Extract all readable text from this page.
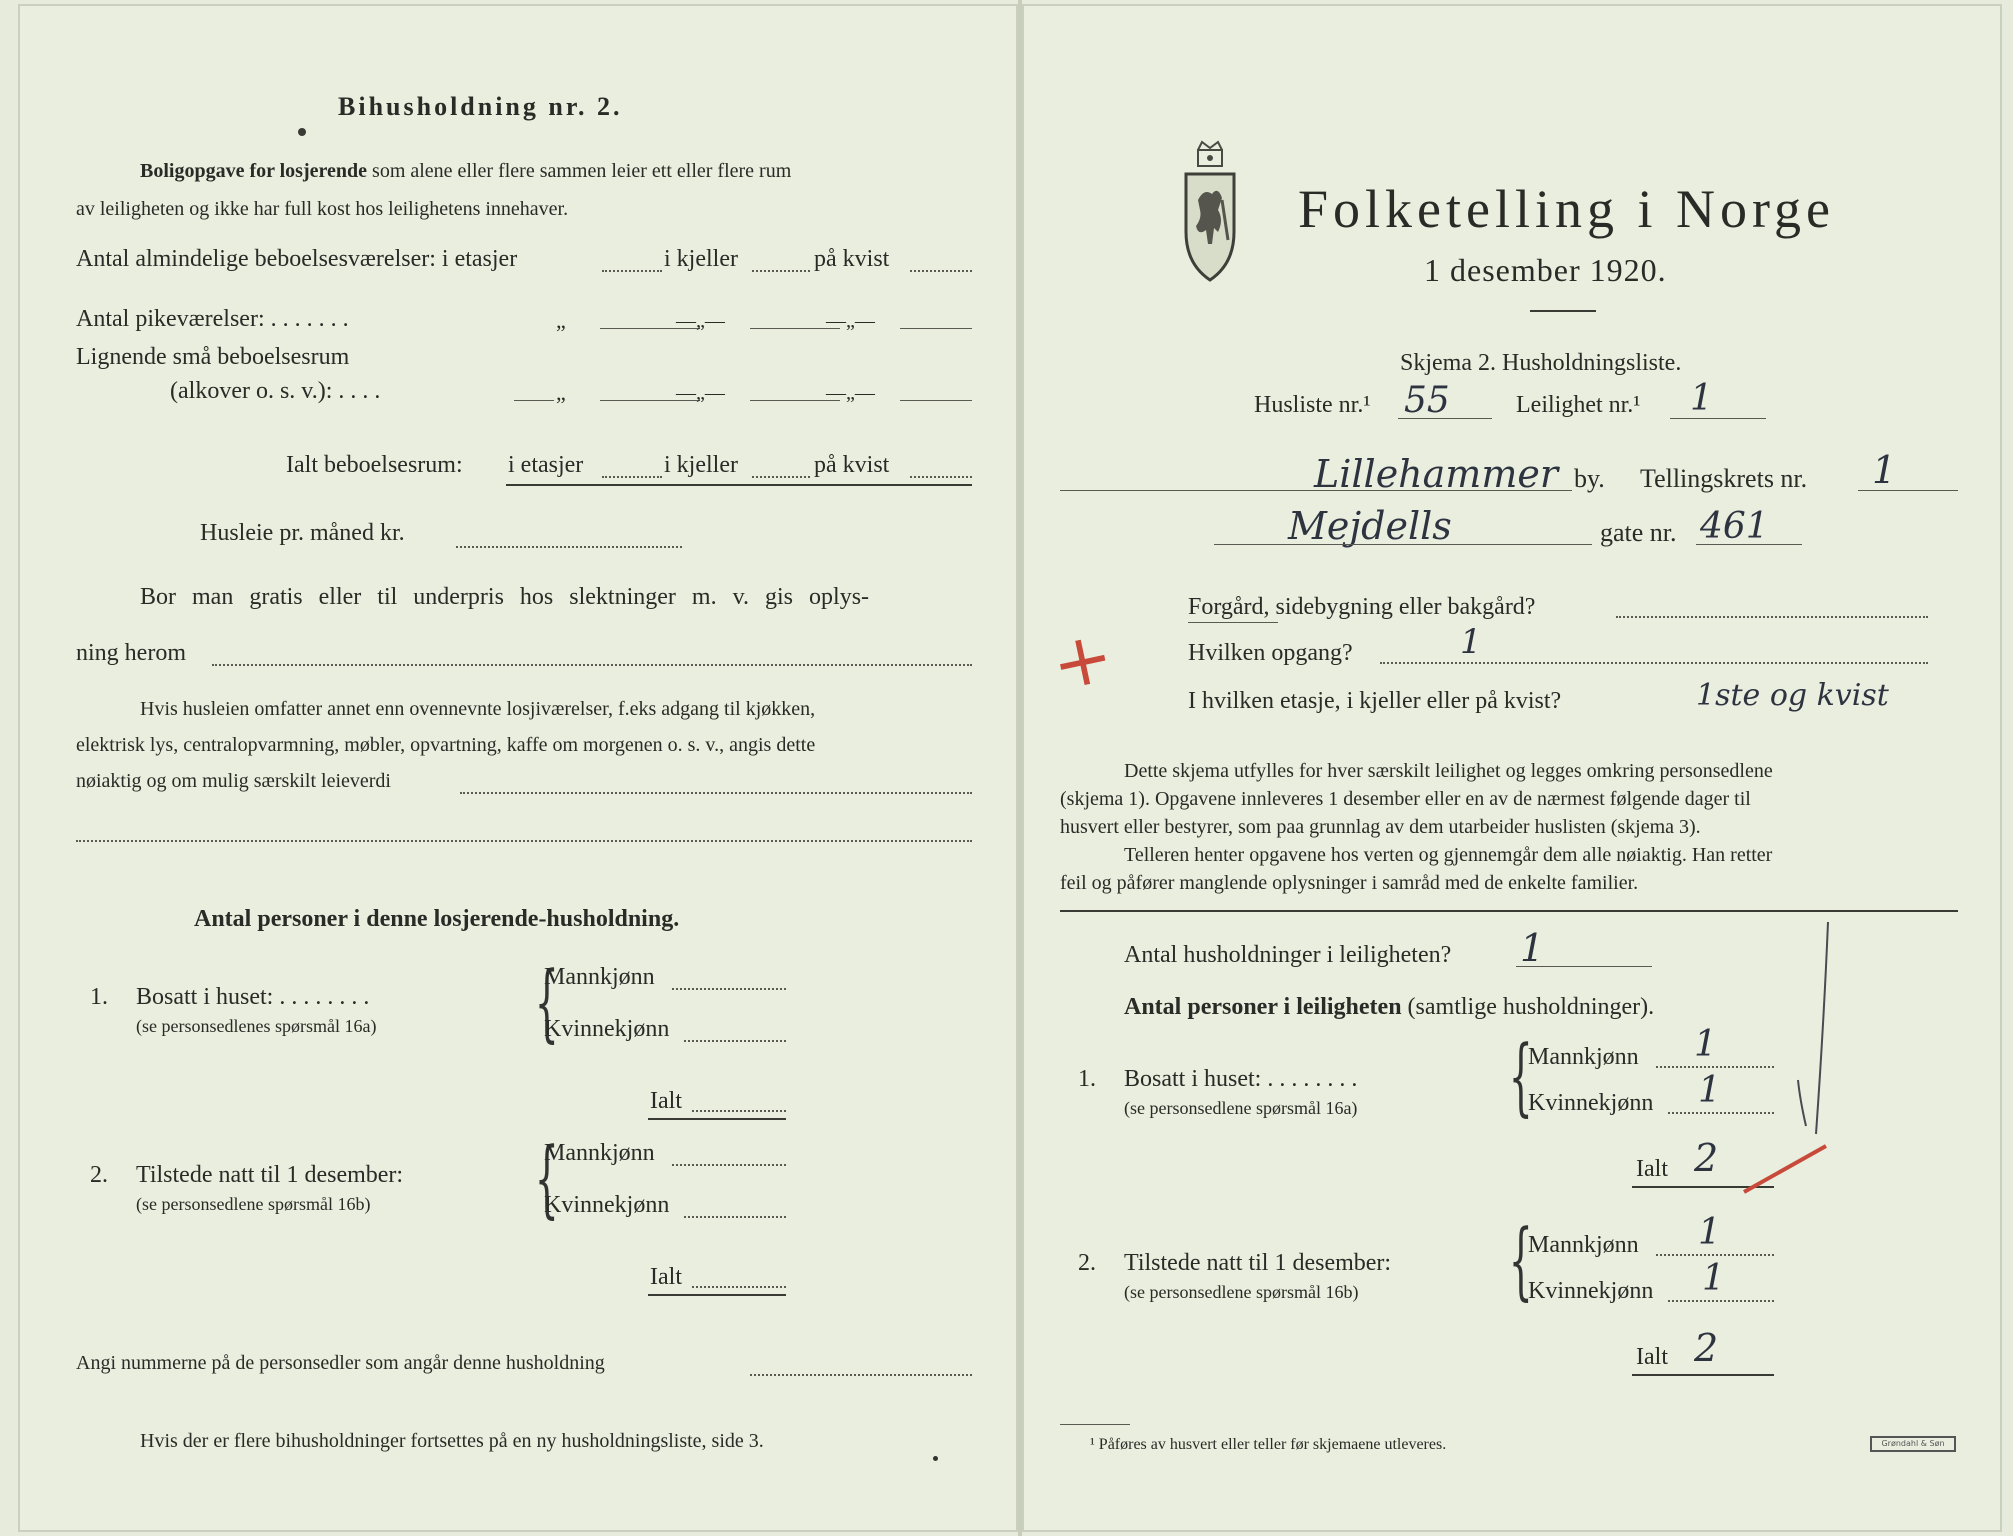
Bihusholdning nr. 2.
Boligopgave for losjerende som alene eller flere sammen leier ett eller flere rum
av leiligheten og ikke har full kost hos leilighetens innehaver.
Antal almindelige beboelsesværelser: i etasjer	i kjeller	på kvist
Antal pikeværelser: . . . . . . .	„	—„—	—„—
Lignende små beboelsesrum
(alkover o. s. v.): . . . .	„	—„—	—„—
Ialt beboelsesrum: i etasjer	i kjeller	på kvist
Husleie pr. måned kr.
Bor man gratis eller til underpris hos slektninger m. v. gis oplys-
ning herom
Hvis husleien omfatter annet enn ovennevnte losjiværelser, f.eks adgang til kjøkken,
elektrisk lys, centralopvarmning, møbler, opvartning, kaffe om morgenen o. s. v., angis dette
nøiaktig og om mulig særskilt leieverdi
Antal personer i denne losjerende-husholdning.
1. Bosatt i huset: . . . . . . . .
(se personsedlenes spørsmål 16a) {
Mannkjønn
Kvinnekjønn
Ialt
2. Tilstede natt til 1 desember:
(se personsedlene spørsmål 16b) {
Mannkjønn
Kvinnekjønn
Ialt
Angi nummerne på de personsedler som angår denne husholdning
Hvis der er flere bihusholdninger fortsettes på en ny husholdningsliste, side 3.
Folketelling i Norge
1 desember 1920.
Skjema 2. Husholdningsliste.
Husliste nr.¹ 55	Leilighet nr.¹ 1
Lillehammer by. Tellingskrets nr. 1
Mejdells	gate nr. 461
Forgård, sidebygning eller bakgård?
+	Hvilken opgang?	1
I hvilken etasje, i kjeller eller på kvist?	1ste og kvist
Dette skjema utfylles for hver særskilt leilighet og legges omkring personsedlene
(skjema 1). Opgavene innleveres 1 desember eller en av de nærmest følgende dager til
husvert eller bestyrer, som paa grunnlag av dem utarbeider huslisten (skjema 3).
Telleren henter opgavene hos verten og gjennemgår dem alle nøiaktig. Han retter
feil og påfører manglende oplysninger i samråd med de enkelte familier.
Antal husholdninger i leiligheten? 1
Antal personer i leiligheten (samtlige husholdninger).
1. Bosatt i huset: . . . . . . . .
(se personsedlene spørsmål 16a) {
Mannkjønn 1
Kvinnekjønn 1
Ialt 2
2. Tilstede natt til 1 desember:
(se personsedlene spørsmål 16b) {
Mannkjønn 1
Kvinnekjønn 1
Ialt 2
¹ Påføres av husvert eller teller før skjemaene utleveres.	Grøndahl & Søn
